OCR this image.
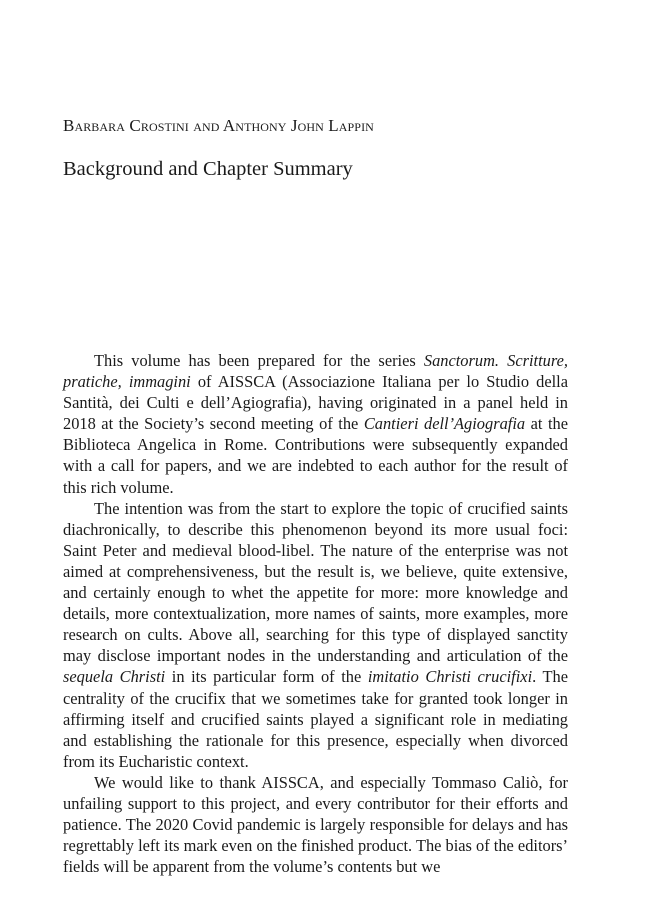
Barbara Crostini and Anthony John Lappin
Background and Chapter Summary

This volume has been prepared for the series Sanctorum. Scritture, pratiche, immagini of AISSCA (Associazione Italiana per lo Studio della Santità, dei Culti e dell’Agiografia), having originated in a panel held in 2018 at the Society’s second meeting of the Cantieri dell’Agiografia at the Biblioteca Angelica in Rome. Contributions were subsequently expanded with a call for papers, and we are indebted to each author for the result of this rich volume.

The intention was from the start to explore the topic of crucified saints diachronically, to describe this phenomenon beyond its more usual foci: Saint Peter and medieval blood-libel. The nature of the enterprise was not aimed at comprehensiveness, but the result is, we believe, quite extensive, and certainly enough to whet the appetite for more: more knowledge and details, more contextualization, more names of saints, more examples, more research on cults. Above all, searching for this type of displayed sanctity may disclose important nodes in the understanding and articulation of the sequela Christi in its particular form of the imitatio Christi crucifixi. The centrality of the crucifix that we sometimes take for granted took longer in affirming itself and crucified saints played a significant role in mediating and establishing the rationale for this presence, especially when divorced from its Eucharistic context.

We would like to thank AISSCA, and especially Tommaso Caliò, for unfailing support to this project, and every contributor for their efforts and patience. The 2020 Covid pandemic is largely responsible for delays and has regrettably left its mark even on the finished product. The bias of the editors’ fields will be apparent from the volume’s contents but we
